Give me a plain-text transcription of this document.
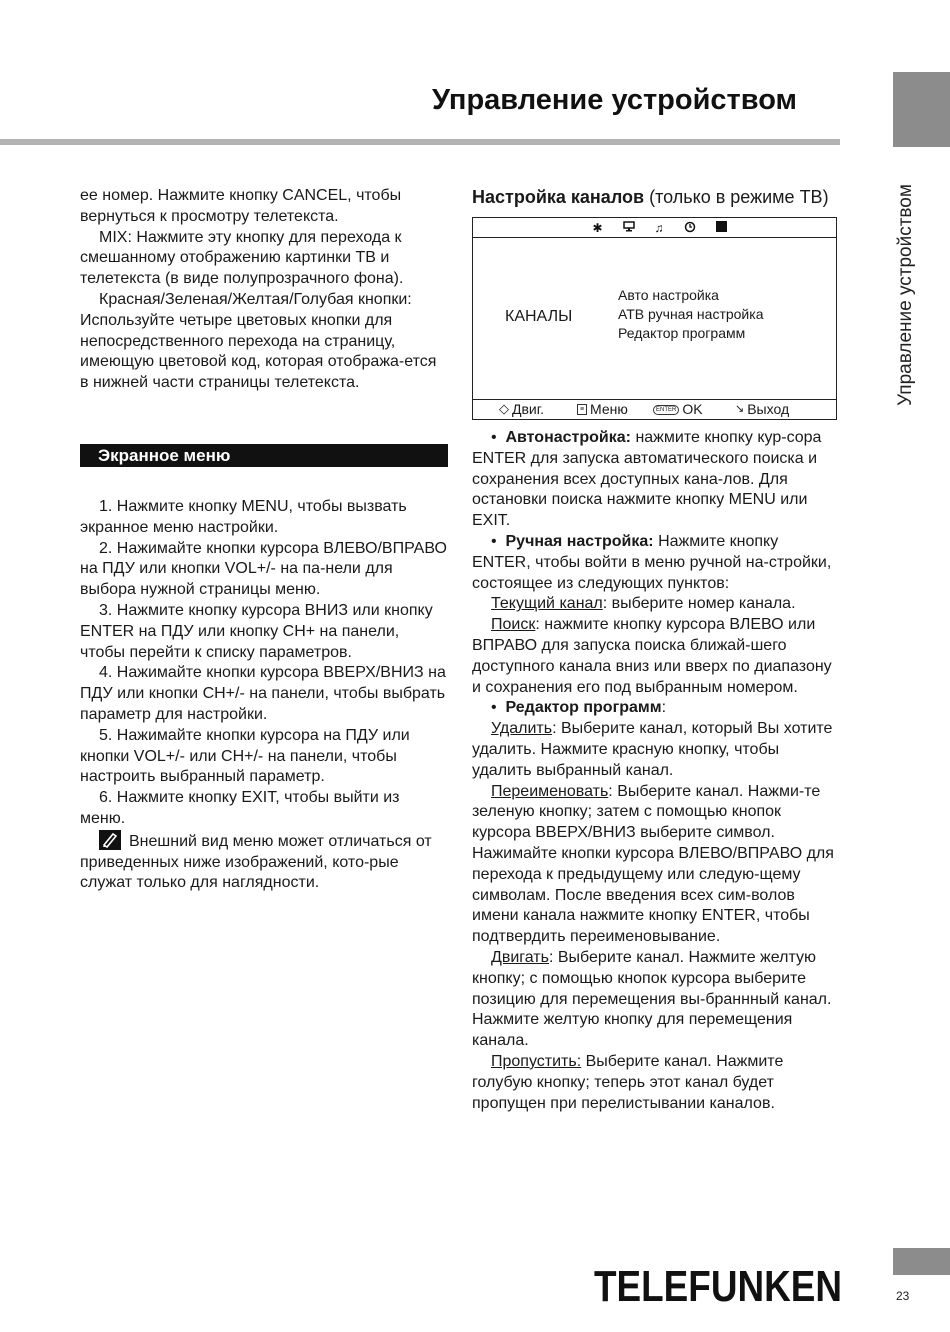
Управление устройством
Управление устройством

ее номер. Нажмите кнопку CANCEL, чтобы вернуться к просмотру телетекста.

MIX: Нажмите эту кнопку для перехода к смешанному отображению картинки ТВ и телетекста (в виде полупрозрачного фона).

Красная/Зеленая/Желтая/Голубая кнопки: Используйте четыре цветовых кнопки для непосредственного перехода на страницу, имеющую цветовой код, которая отобража-ется в нижней части страницы телетекста.

Экранное меню

1. Нажмите кнопку MENU, чтобы вызвать экранное меню настройки.

2. Нажимайте кнопки курсора ВЛЕВО/ВПРАВО на ПДУ или кнопки VOL+/- на па-нели для выбора нужной страницы меню.

3. Нажмите кнопку курсора ВНИЗ или кнопку ENTER на ПДУ или кнопку CH+ на панели, чтобы перейти к списку параметров.

4. Нажимайте кнопки курсора ВВЕРХ/ВНИЗ на ПДУ или кнопки CH+/- на панели, чтобы выбрать параметр для настройки.

5. Нажимайте кнопки курсора на ПДУ или кнопки VOL+/- или CH+/- на панели, чтобы настроить выбранный параметр.

6. Нажмите кнопку EXIT, чтобы выйти из меню.

Внешний вид меню может отличаться от приведенных ниже изображений, кото-рые служат только для наглядности.

Настройка каналов (только в режиме ТВ)
✱	♫
КАНАЛЫ
Авто настройка
АТВ ручная настройка
Редактор программ
◇ Двиг.	≡ Меню	ENTER OK	↘ Выход

•  Автонастройка: нажмите кнопку кур-сора ENTER для запуска автоматического поиска и сохранения всех доступных кана-лов. Для остановки поиска нажмите кнопку MENU или EXIT.

•  Ручная настройка: Нажмите кнопку ENTER, чтобы войти в меню ручной на-стройки, состоящее из следующих пунктов:

Текущий канал: выберите номер канала.

Поиск: нажмите кнопку курсора ВЛЕВО или ВПРАВО для запуска поиска ближай-шего доступного канала вниз или вверх по диапазону и сохранения его под выбранным номером.

•  Редактор программ:

Удалить: Выберите канал, который Вы хотите удалить. Нажмите красную кнопку, чтобы удалить выбранный канал.

Переименовать: Выберите канал. Нажми-те зеленую кнопку; затем с помощью кнопок курсора ВВЕРХ/ВНИЗ выберите символ. Нажимайте кнопки курсора ВЛЕВО/ВПРАВО для перехода к предыдущему или следую-щему символам. После введения всех сим-волов имени канала нажмите кнопку ENTER, чтобы подтвердить переименовывание.

Двигать: Выберите канал. Нажмите желтую кнопку; с помощью кнопок курсора выберите позицию для перемещения вы-браннный канал. Нажмите желтую кнопку для перемещения канала.

Пропустить: Выберите канал. Нажмите голубую кнопку; теперь этот канал будет пропущен при перелистывании каналов.

TELEFUNKEN	23
